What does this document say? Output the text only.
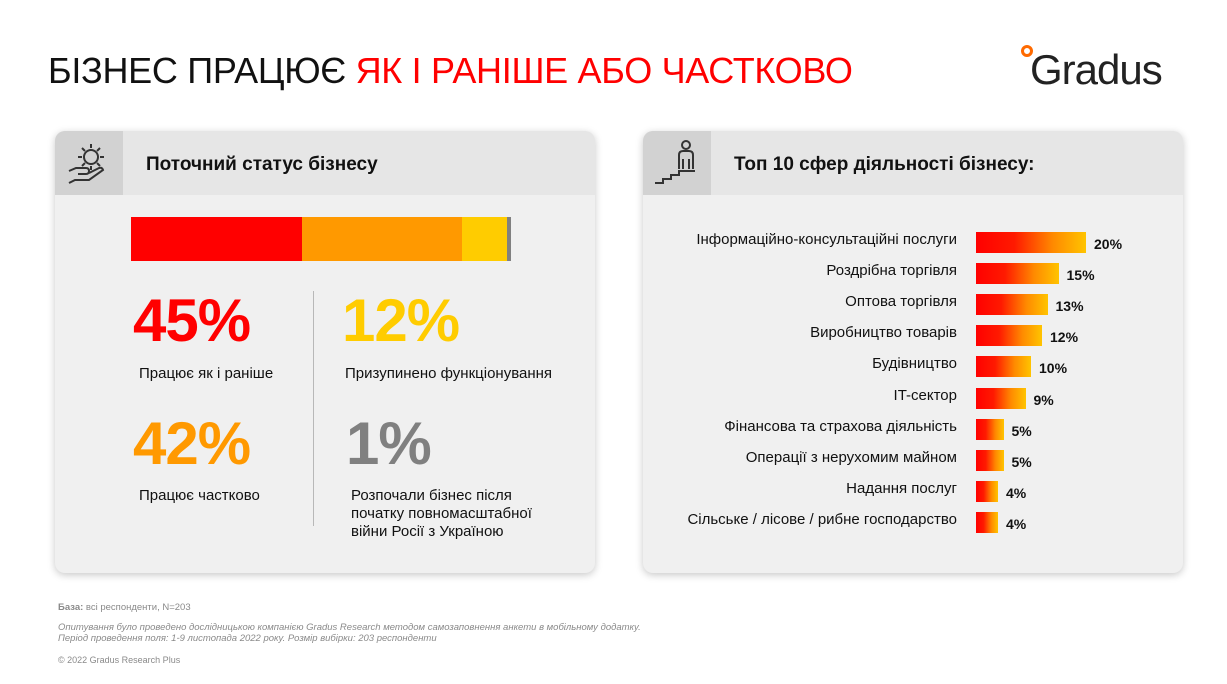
БІЗНЕС ПРАЦЮЄ ЯК І РАНІШЕ АБО ЧАСТКОВО	Gradus
Поточний статус бізнесу
45%
Працює як і раніше
12%
Призупинено функціонування
42%
Працює частково
1%
Розпочали бізнес після
початку повномасштабної
війни Росії з Україною
Топ 10 сфер діяльності бізнесу:
Інформаційно-консультаційні послуги	20%
Роздрібна торгівля	15%
Оптова торгівля	13%
Виробництво товарів	12%
Будівництво	10%
IT-сектор	9%
Фінансова та страхова діяльність	5%
Операції з нерухомим майном	5%
Надання послуг	4%
Сільське / лісове / рибне господарство	4%
База: всі респонденти, N=203
Опитування було проведено дослідницькою компанією Gradus Research методом самозаповнення анкети в мобільному додатку.
Період проведення поля: 1-9 листопада 2022 року. Розмір вибірки: 203 респонденти
© 2022 Gradus Research Plus
